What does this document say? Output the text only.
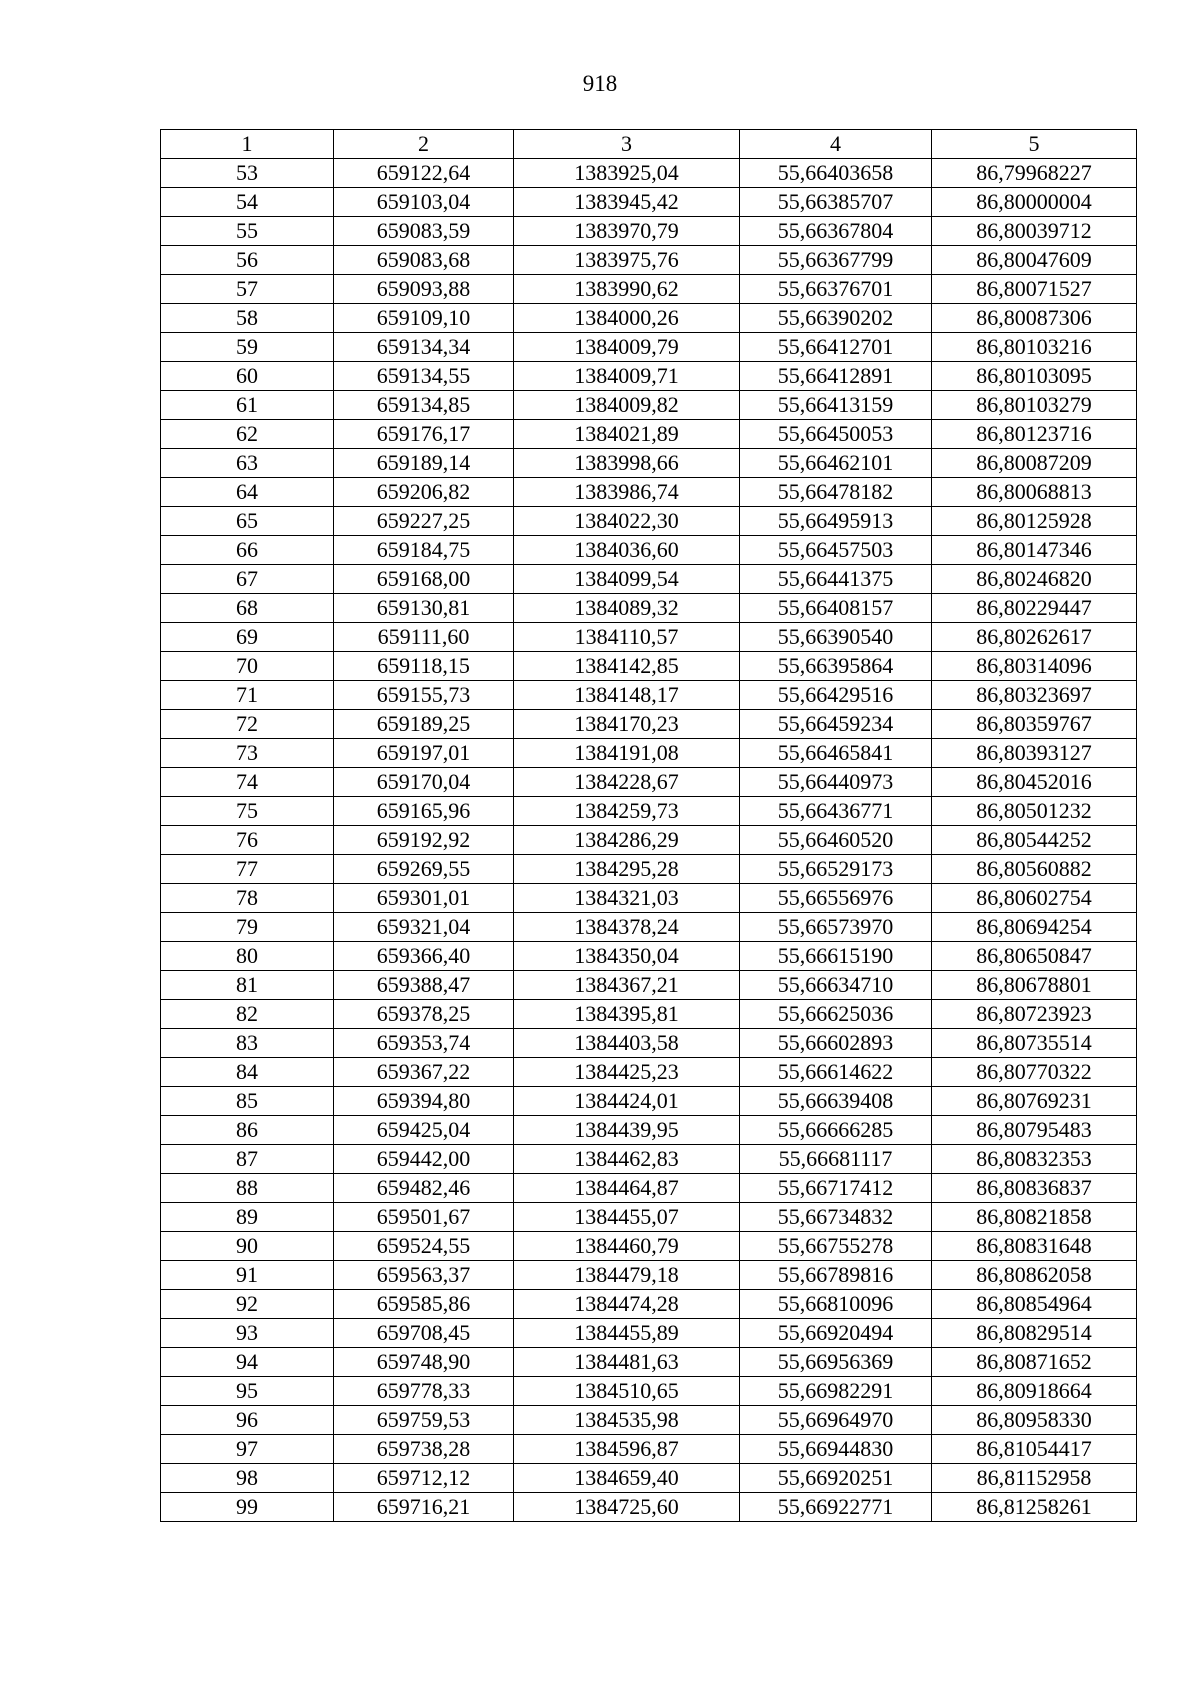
918
1	2	3	4	5
53	659122,64	1383925,04	55,66403658	86,79968227
54	659103,04	1383945,42	55,66385707	86,80000004
55	659083,59	1383970,79	55,66367804	86,80039712
56	659083,68	1383975,76	55,66367799	86,80047609
57	659093,88	1383990,62	55,66376701	86,80071527
58	659109,10	1384000,26	55,66390202	86,80087306
59	659134,34	1384009,79	55,66412701	86,80103216
60	659134,55	1384009,71	55,66412891	86,80103095
61	659134,85	1384009,82	55,66413159	86,80103279
62	659176,17	1384021,89	55,66450053	86,80123716
63	659189,14	1383998,66	55,66462101	86,80087209
64	659206,82	1383986,74	55,66478182	86,80068813
65	659227,25	1384022,30	55,66495913	86,80125928
66	659184,75	1384036,60	55,66457503	86,80147346
67	659168,00	1384099,54	55,66441375	86,80246820
68	659130,81	1384089,32	55,66408157	86,80229447
69	659111,60	1384110,57	55,66390540	86,80262617
70	659118,15	1384142,85	55,66395864	86,80314096
71	659155,73	1384148,17	55,66429516	86,80323697
72	659189,25	1384170,23	55,66459234	86,80359767
73	659197,01	1384191,08	55,66465841	86,80393127
74	659170,04	1384228,67	55,66440973	86,80452016
75	659165,96	1384259,73	55,66436771	86,80501232
76	659192,92	1384286,29	55,66460520	86,80544252
77	659269,55	1384295,28	55,66529173	86,80560882
78	659301,01	1384321,03	55,66556976	86,80602754
79	659321,04	1384378,24	55,66573970	86,80694254
80	659366,40	1384350,04	55,66615190	86,80650847
81	659388,47	1384367,21	55,66634710	86,80678801
82	659378,25	1384395,81	55,66625036	86,80723923
83	659353,74	1384403,58	55,66602893	86,80735514
84	659367,22	1384425,23	55,66614622	86,80770322
85	659394,80	1384424,01	55,66639408	86,80769231
86	659425,04	1384439,95	55,66666285	86,80795483
87	659442,00	1384462,83	55,66681117	86,80832353
88	659482,46	1384464,87	55,66717412	86,80836837
89	659501,67	1384455,07	55,66734832	86,80821858
90	659524,55	1384460,79	55,66755278	86,80831648
91	659563,37	1384479,18	55,66789816	86,80862058
92	659585,86	1384474,28	55,66810096	86,80854964
93	659708,45	1384455,89	55,66920494	86,80829514
94	659748,90	1384481,63	55,66956369	86,80871652
95	659778,33	1384510,65	55,66982291	86,80918664
96	659759,53	1384535,98	55,66964970	86,80958330
97	659738,28	1384596,87	55,66944830	86,81054417
98	659712,12	1384659,40	55,66920251	86,81152958
99	659716,21	1384725,60	55,66922771	86,81258261
